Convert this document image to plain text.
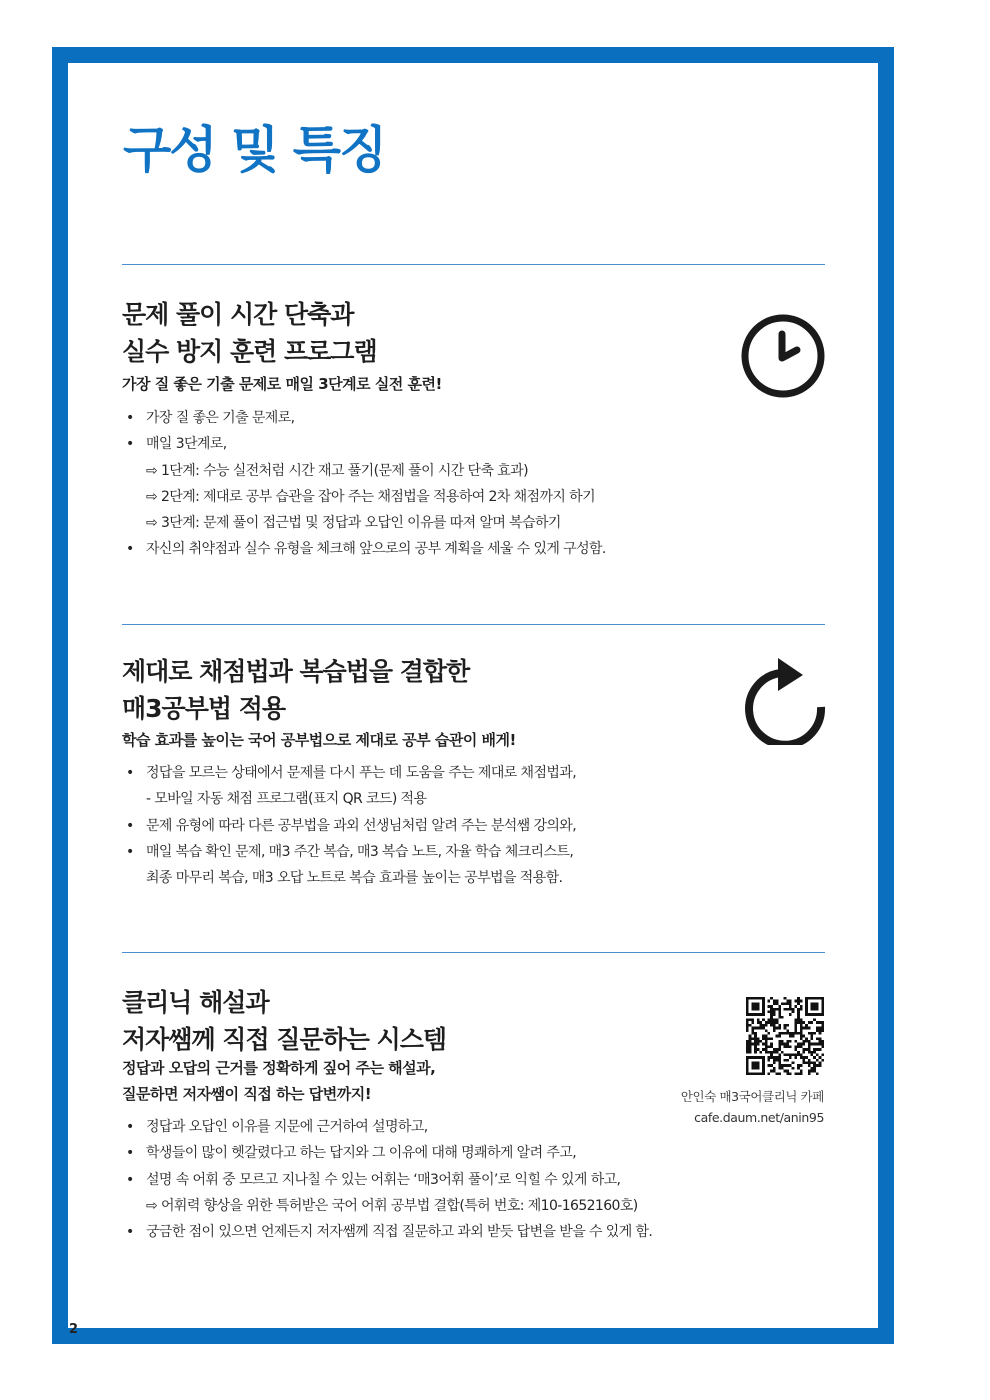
구성 및 특징
문제 풀이 시간 단축과
실수 방지 훈련 프로그램

가장 질 좋은 기출 문제로 매일 3단계로 실전 훈련!

• 가장 질 좋은 기출 문제로,
• 매일 3단계로,
⇨ 1단계: 수능 실전처럼 시간 재고 풀기(문제 풀이 시간 단축 효과)
⇨ 2단계: 제대로 공부 습관을 잡아 주는 채점법을 적용하여 2차 채점까지 하기
⇨ 3단계: 문제 풀이 접근법 및 정답과 오답인 이유를 따져 알며 복습하기
• 자신의 취약점과 실수 유형을 체크해 앞으로의 공부 계획을 세울 수 있게 구성함.
제대로 채점법과 복습법을 결합한
매3공부법 적용

학습 효과를 높이는 국어 공부법으로 제대로 공부 습관이 배게!

• 정답을 모르는 상태에서 문제를 다시 푸는 데 도움을 주는 제대로 채점법과,
- 모바일 자동 채점 프로그램(표지 QR 코드) 적용
• 문제 유형에 따라 다른 공부법을 과외 선생님처럼 알려 주는 분석쌤 강의와,
• 매일 복습 확인 문제, 매3 주간 복습, 매3 복습 노트, 자율 학습 체크리스트,
최종 마무리 복습, 매3 오답 노트로 복습 효과를 높이는 공부법을 적용함.
클리닉 해설과
저자쌤께 직접 질문하는 시스템

정답과 오답의 근거를 정확하게 짚어 주는 해설과,
질문하면 저자쌤이 직접 하는 답변까지!	안인숙 매3국어클리닉 카페
cafe.daum.net/anin95
• 정답과 오답인 이유를 지문에 근거하여 설명하고,
• 학생들이 많이 헷갈렸다고 하는 답지와 그 이유에 대해 명쾌하게 알려 주고,
• 설명 속 어휘 중 모르고 지나칠 수 있는 어휘는 ‘매3어휘 풀이’로 익힐 수 있게 하고,
⇨ 어휘력 향상을 위한 특허받은 국어 어휘 공부법 결합(특허 번호: 제10-1652160호)
• 궁금한 점이 있으면 언제든지 저자쌤께 직접 질문하고 과외 받듯 답변을 받을 수 있게 함.
2
